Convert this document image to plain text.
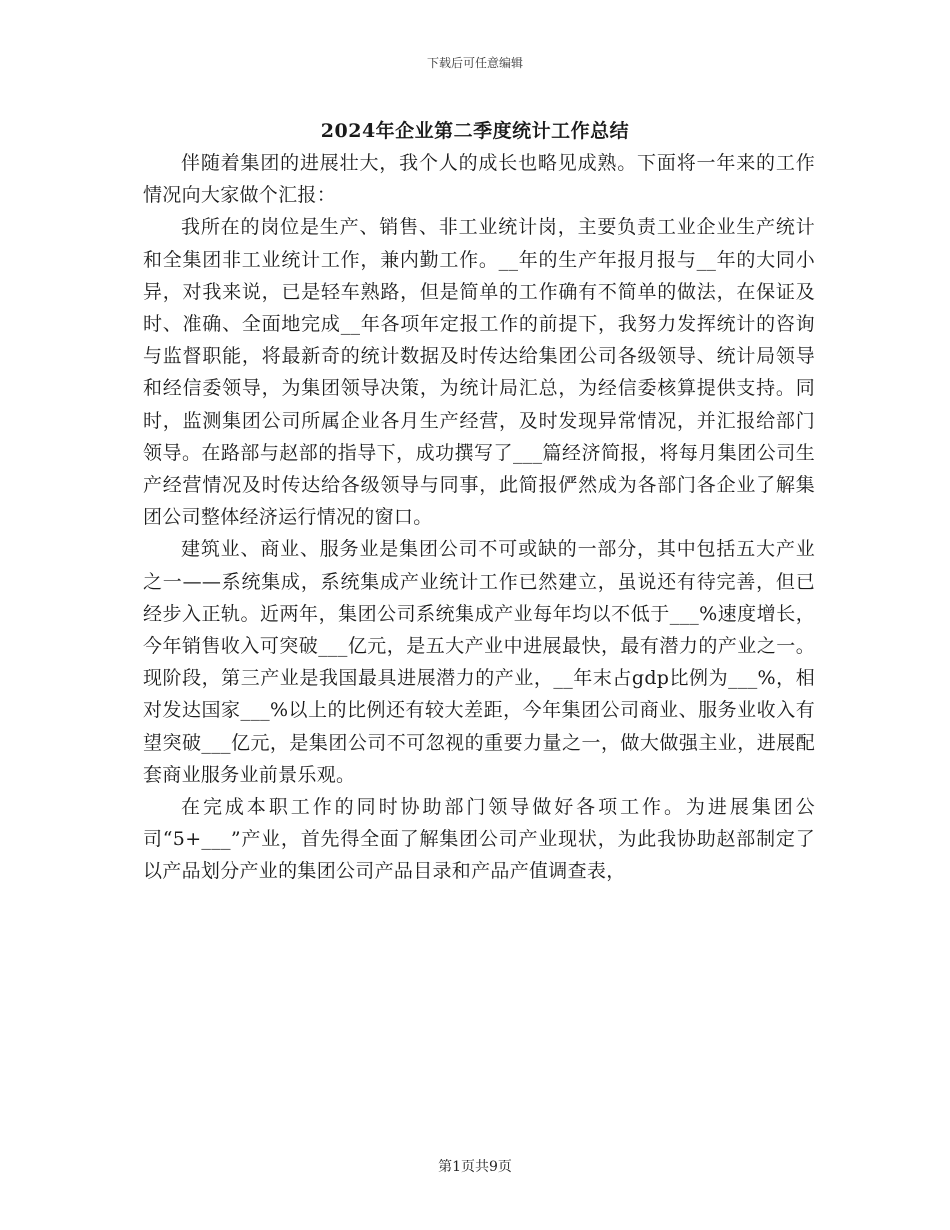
下载后可任意编辑
2024年企业第二季度统计工作总结

伴随着集团的进展壮大，我个人的成长也略见成熟。下面将一年来的工作情况向大家做个汇报：

我所在的岗位是生产、销售、非工业统计岗，主要负责工业企业生产统计和全集团非工业统计工作，兼内勤工作。__年的生产年报月报与__年的大同小异，对我来说，已是轻车熟路，但是简单的工作确有不简单的做法，在保证及时、准确、全面地完成__年各项年定报工作的前提下，我努力发挥统计的咨询与监督职能，将最新奇的统计数据及时传达给集团公司各级领导、统计局领导和经信委领导，为集团领导决策，为统计局汇总，为经信委核算提供支持。同时，监测集团公司所属企业各月生产经营，及时发现异常情况，并汇报给部门领导。在路部与赵部的指导下，成功撰写了___篇经济简报，将每月集团公司生产经营情况及时传达给各级领导与同事，此简报俨然成为各部门各企业了解集团公司整体经济运行情况的窗口。

建筑业、商业、服务业是集团公司不可或缺的一部分，其中包括五大产业之一——系统集成，系统集成产业统计工作已然建立，虽说还有待完善，但已经步入正轨。近两年，集团公司系统集成产业每年均以不低于___%速度增长，今年销售收入可突破___亿元，是五大产业中进展最快，最有潜力的产业之一。现阶段，第三产业是我国最具进展潜力的产业，__年末占gdp比例为___%，相对发达国家___%以上的比例还有较大差距，今年集团公司商业、服务业收入有望突破___亿元，是集团公司不可忽视的重要力量之一，做大做强主业，进展配套商业服务业前景乐观。

在完成本职工作的同时协助部门领导做好各项工作。为进展集团公司“5+___”产业，首先得全面了解集团公司产业现状，为此我协助赵部制定了以产品划分产业的集团公司产品目录和产品产值调查表，

第1页共9页
